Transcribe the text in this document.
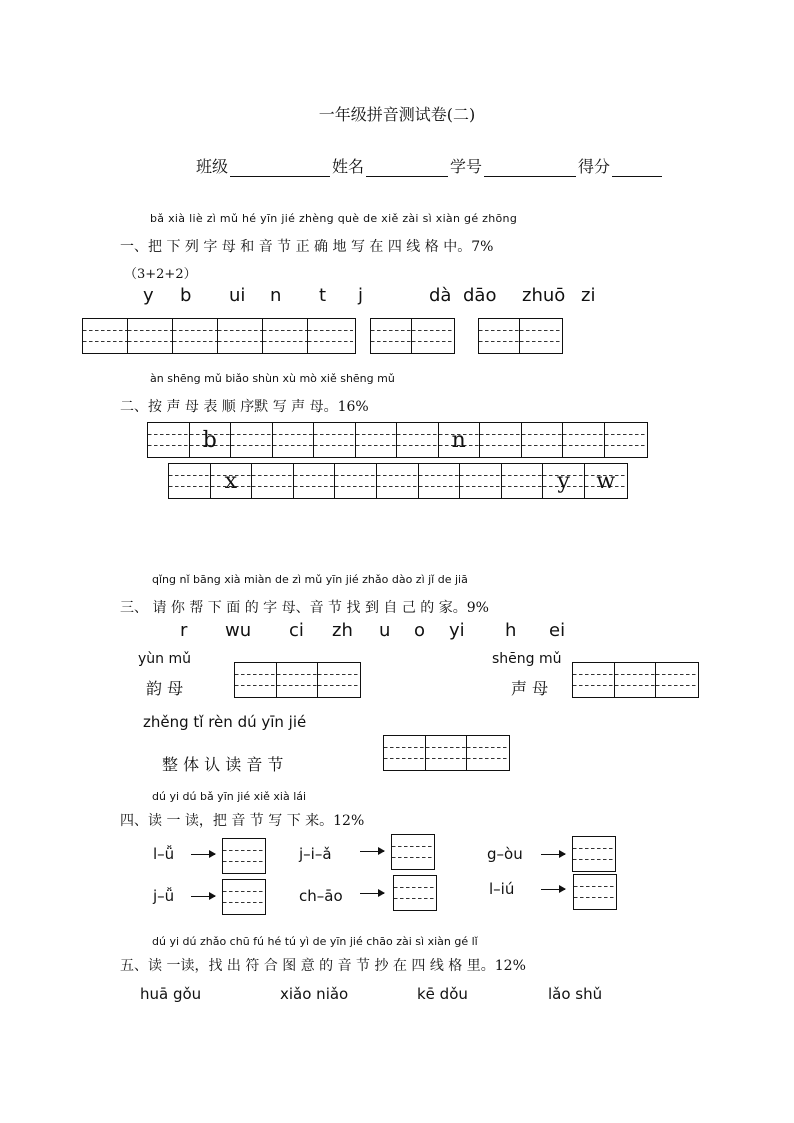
一年级拼音测试卷(二)
班级	姓名	学号	得分
bǎ xià liè zì mǔ hé yīn jié zhèng què de xiě zài sì xiàn gé zhōng
一、把 下 列 字 母 和 音 节 正 确 地 写 在 四 线 格 中。7%
（3+2+2）
y b ui n t j	dà dāo zhuō zi
àn shēng mǔ biǎo shùn xù mò xiě shēng mǔ
二、按 声 母 表 顺 序默 写 声 母。16%
b	n
x	y	w
qǐng nǐ bāng xià miàn de zì mǔ yīn jié zhǎo dào zì jǐ de jiā
三、 请 你 帮 下 面 的 字 母、音 节 找 到 自 己 的 家。9%
r wu ci zh u o yi h ei
yùn mǔ
韵 母
shēng mǔ
声 母
zhěng tǐ rèn dú yīn jié
整 体 认 读 音 节
dú yi dú bǎ yīn jié xiě xià lái
四、读 一 读，把 音 节 写 下 来。12%
l–ǚ	j–i–ǎ	g–òu
j–ǚ	ch–āo	l–iú
dú yi dú zhǎo chū fú hé tú yì de yīn jié chāo zài sì xiàn gé lǐ
五、读 一读，找 出 符 合 图 意 的 音 节 抄 在 四 线 格 里。12%
huā gǒu	xiǎo niǎo	kē dǒu	lǎo shǔ
